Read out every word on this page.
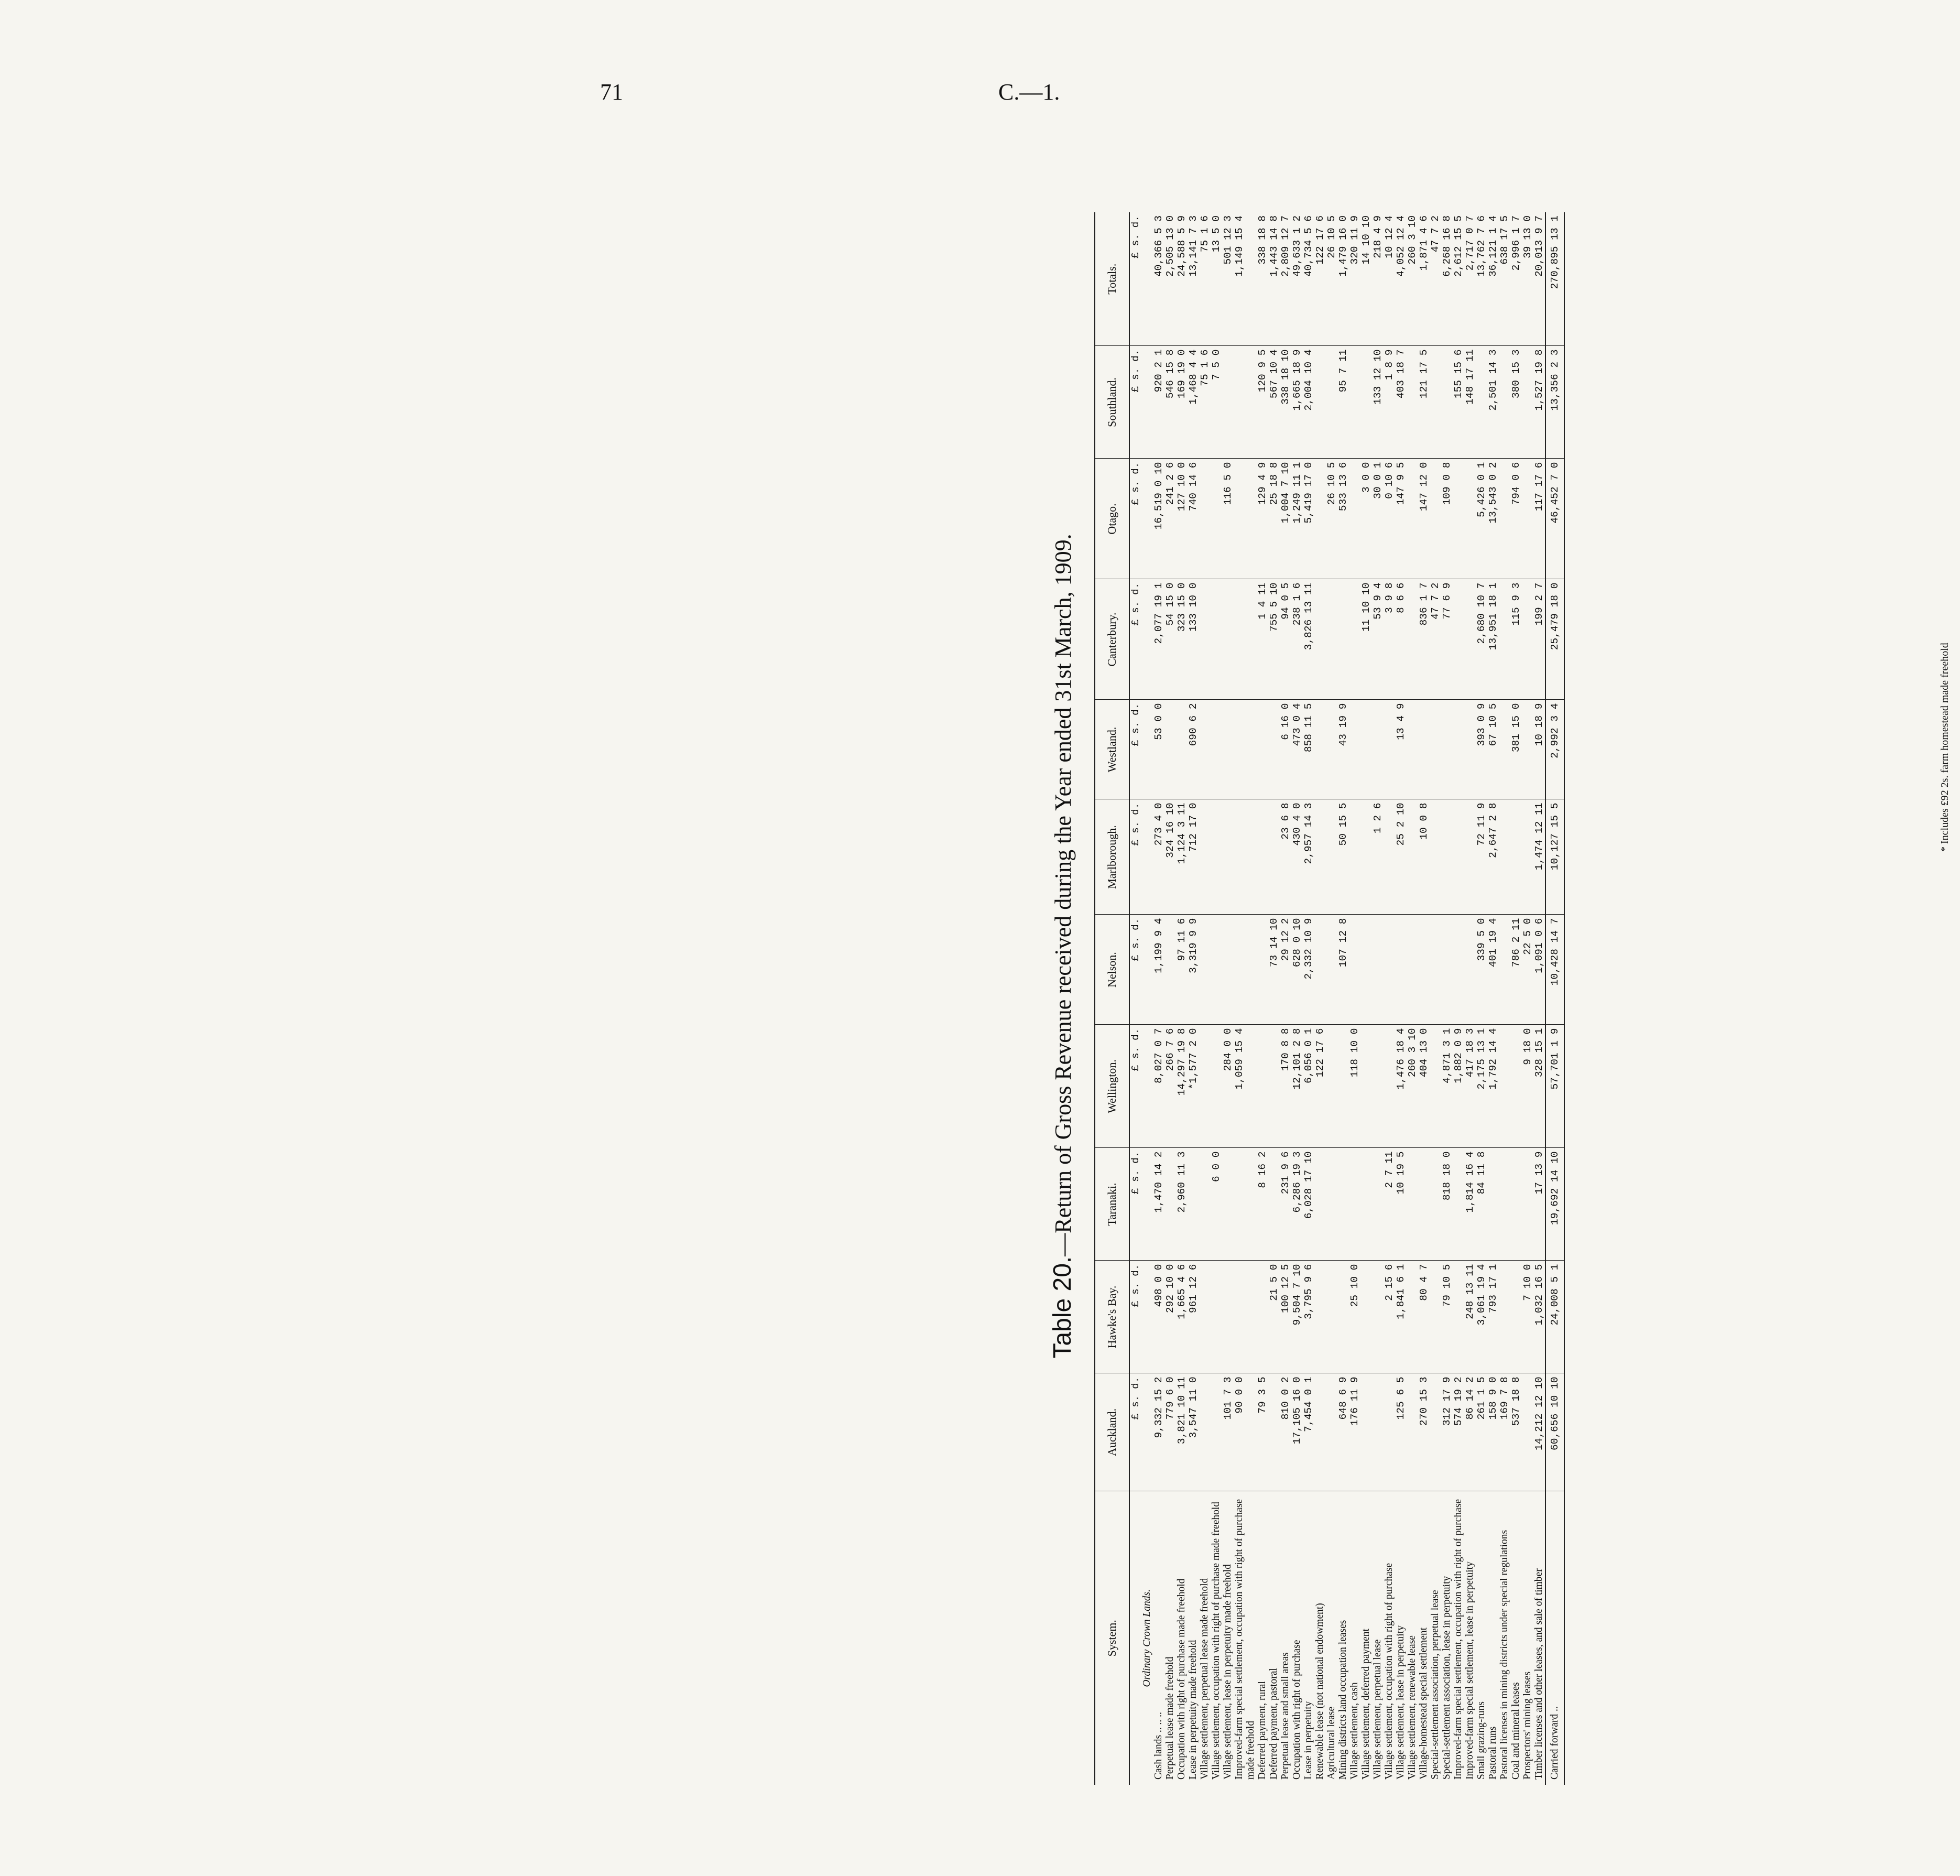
71	C.—1.
Table 20.—Return of Gross Revenue received during the Year ended 31st March, 1909.
System.	Auckland.	Hawke's Bay.	Taranaki.	Wellington.	Nelson.	Marlborough.	Westland.	Canterbury.	Otago.	Southland.	Totals.
	£ s. d.	£ s. d.	£ s. d.	£ s. d.	£ s. d.	£ s. d.	£ s. d.	£ s. d.	£ s. d.	£ s. d.	£ s. d.
Ordinary Crown Lands.											
Cash lands .. .. ..	9,332 15 2	498 0 0	1,470 14 2	8,027 0 7	1,199 9 4	273 4 0	53 0 0	2,077 19 1	16,519 0 10	920 2 1	40,366 5 3
Perpetual lease made freehold	779 6 0	292 10 0		266 7 6		324 16 10		54 15 0	241 2 6	546 15 8	2,505 13 0
Occupation with right of purchase made freehold	3,821 10 11	1,665 4 6	2,960 11 3	14,297 19 8	97 11 6	1,124 3 11		323 15 0	127 10 0	169 19 0	24,588 5 9
Lease in perpetuity made freehold	3,547 11 0	961 12 6		*1,577 2 0	3,319 9 9	712 17 0	690 6 2	133 10 0	740 14 6	1,468 4 4	13,141 7 3
Village settlement, perpetual lease made freehold										75 1 6	75 1 6
Village settlement, occupation with right of purchase made freehold			6 0 0							7 5 0	13 5 0
Village settlement, lease in perpetuity made freehold	101 7 3			284 0 0					116 5 0		501 12 3
Improved-farm special settlement, occupation with right of purchase made freehold	90 0 0			1,059 15 4							1,149 15 4
Deferred payment, rural	79 3 5		8 16 2					1 4 11	129 4 9	120 9 5	338 18 8
Deferred payment, pastoral		21 5 0			73 14 10			755 5 10	25 18 8	567 10 4	1,443 14 8
Perpetual lease and small areas	810 0 2	100 12 5	231 9 6	170 8 8	29 12 2	23 6 8	6 16 0	94 0 5	1,004 7 10	338 18 10	2,809 12 7
Occupation with right of purchase	17,105 16 0	9,504 7 10	6,286 19 3	12,101 2 8	628 0 10	430 4 0	473 0 4	238 1 6	1,249 11 1	1,665 18 9	49,633 1 2
Lease in perpetuity	7,454 0 1	3,795 9 6	6,028 17 10	6,056 0 1	2,332 10 9	2,957 14 3	858 11 5	3,826 13 11	5,419 17 0	2,004 10 4	40,734 5 6
Renewable lease (not national endowment)				122 17 6							122 17 6
Agricultural lease									26 10 5		26 10 5
Mining districts land occupation leases	648 6 9				107 12 8	50 15 5	43 19 9		533 13 6	95 7 11	1,479 16 0
Village settlement, cash	176 11 9	25 10 0		118 10 0							320 11 9
Village settlement, deferred payment								11 10 10	3 0 0		14 10 10
Village settlement, perpetual lease						1 2 6		53 9 4	30 0 1	133 12 10	218 4 9
Village settlement, occupation with right of purchase		2 15 6	2 7 11					3 9 8	0 10 6	1 8 9	10 12 4
Village settlement, lease in perpetuity	125 6 5	1,841 6 1	10 19 5	1,476 18 4		25 2 10	13 4 9	8 6 6	147 9 5	403 18 7	4,052 12 4
Village settlement, renewable lease				260 3 10							260 3 10
Village-homestead special settlement	270 15 3	80 4 7		404 13 0		10 0 8		836 1 7	147 12 0	121 17 5	1,871 4 6
Special-settlement association, perpetual lease								47 7 2			47 7 2
Special-settlement association, lease in perpetuity	312 17 9	79 10 5	818 18 0	4,871 3 1				77 6 9	109 0 8		6,268 16 8
Improved-farm special settlement, occupation with right of purchase	574 19 2			1,882 0 9						155 15 6	2,612 15 5
Improved-farm special settlement, lease in perpetuity	86 14 2	248 13 11	1,814 16 4	417 18 3						148 17 11	2,717 0 7
Small grazing-runs	261 1 5	3,061 19 4	84 11 8	2,175 13 1	339 5 0	72 11 9	393 0 9	2,680 10 7	5,426 0 1		13,762 7 6
Pastoral runs	158 9 0	793 17 1		1,792 14 4	401 19 4	2,647 2 8	67 10 5	13,951 18 1	13,543 0 2	2,501 14 3	36,121 1 4
Pastoral licenses in mining districts under special regulations	169 7 8										638 17 5
Coal and mineral leases	537 18 8				786 2 11		381 15 0	115 9 3	794 0 6	380 15 3	2,996 1 7
Prospectors' mining leases		7 10 0		9 18 0	22 5 0						39 13 0
Timber licenses and other leases, and sale of timber	14,212 12 10	1,032 16 5	17 13 9	328 15 1	1,091 0 6	1,474 12 11	10 18 9	199 2 7	117 17 6	1,527 19 8	20,013 9 7
Carried forward ..	60,656 10 10	24,008 5 1	19,692 14 10	57,701 1 9	10,428 14 7	10,127 15 5	2,992 3 4	25,479 18 0	46,452 7 0	13,356 2 3	270,895 13 1
* Includes £92 2s. farm homestead made freehold
